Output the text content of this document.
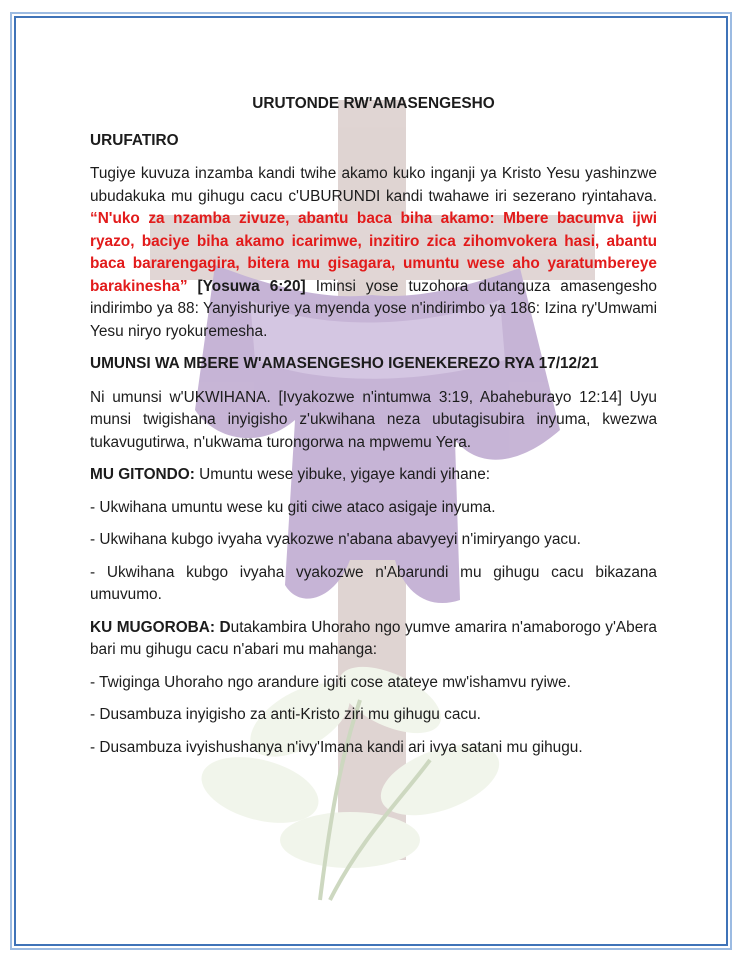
URUTONDE RW'AMASENGESHO

URUFATIRO

Tugiye kuvuza inzamba kandi twihe akamo kuko inganji ya Kristo Yesu yashinzwe ubudakuka mu gihugu cacu c'UBURUNDI kandi twahawe iri sezerano ryintahava. “N'uko za nzamba zivuze, abantu baca biha akamo: Mbere bacumva ijwi ryazo, baciye biha akamo icarimwe, inzitiro zica zihomvokera hasi, abantu baca bararengagira, bitera mu gisagara, umuntu wese aho yaratumbereye barakinesha” [Yosuwa 6:20] Iminsi yose tuzohora dutanguza amasengesho indirimbo ya 88: Yanyishuriye ya myenda yose n'indirimbo ya 186: Izina ry'Umwami Yesu niryo ryokuremesha.

UMUNSI WA MBERE W'AMASENGESHO IGENEKEREZO RYA 17/12/21

Ni umunsi w'UKWIHANA. [Ivyakozwe n'intumwa 3:19, Abaheburayo 12:14] Uyu munsi twigishana inyigisho z'ukwihana neza ubutagisubira inyuma, kwezwa tukavugutirwa, n'ukwama turongorwa na mpwemu Yera.

MU GITONDO: Umuntu wese yibuke, yigaye kandi yihane:

- Ukwihana umuntu wese ku giti ciwe ataco asigaje inyuma.

- Ukwihana kubgo ivyaha vyakozwe n'abana abavyeyi n'imiryango yacu.

- Ukwihana kubgo ivyaha vyakozwe n'Abarundi mu gihugu cacu bikazana umuvumo.

KU MUGOROBA: Dutakambira Uhoraho ngo yumve amarira n'amaborogo y'Abera bari mu gihugu cacu n'abari mu mahanga:

- Twiginga Uhoraho ngo arandure igiti cose atateye mw'ishamvu ryiwe.

- Dusambuza inyigisho za anti-Kristo ziri mu gihugu cacu.

- Dusambuza ivyishushanya n'ivy'Imana kandi ari ivya satani mu gihugu.
